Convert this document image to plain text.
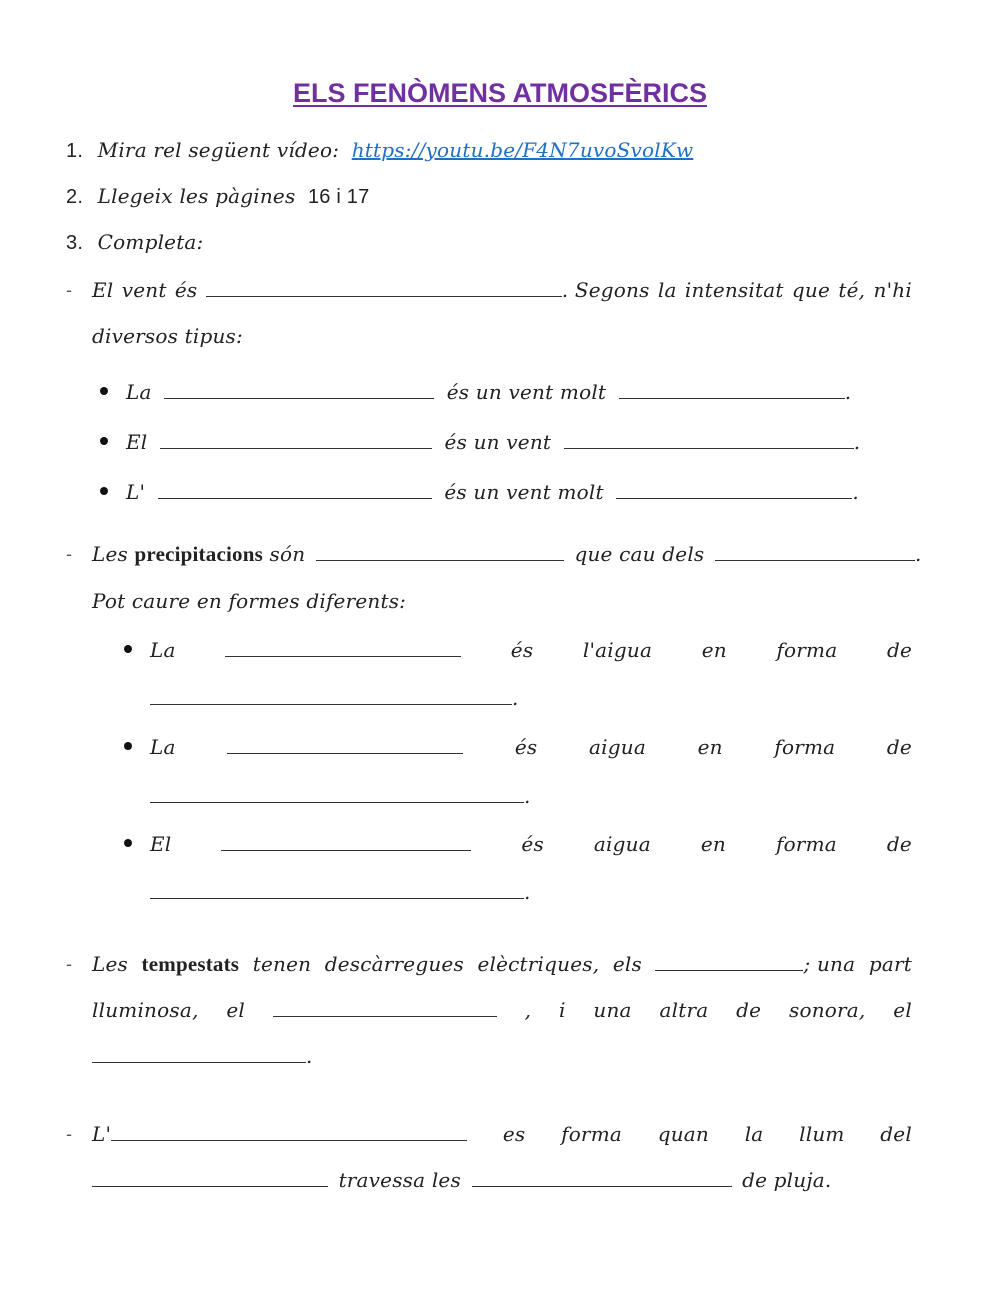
ELS FENÒMENS ATMOSFÈRICS
1. Mira rel següent vídeo: https://youtu.be/F4N7uvoSvolKw
2. Llegeix les pàgines 16 i 17
3. Completa:
- El vent és	. Segons la intensitat que té, n'hi
diversos tipus:
La	és un vent molt	.
El	és un vent	.
L'	és un vent molt	.
- Les precipitacions són	que cau dels	.
Pot caure en formes diferents:
La	és l'aigua en forma de
.
La	és	aigua	en	forma	de
.
El	és	aigua	en	forma	de
.
- Les tempestats tenen descàrregues elèctriques, els	; una part
lluminosa, el	, i una altra de sonora, el
.
- L'	es forma quan la llum del
travessa les	de pluja.
